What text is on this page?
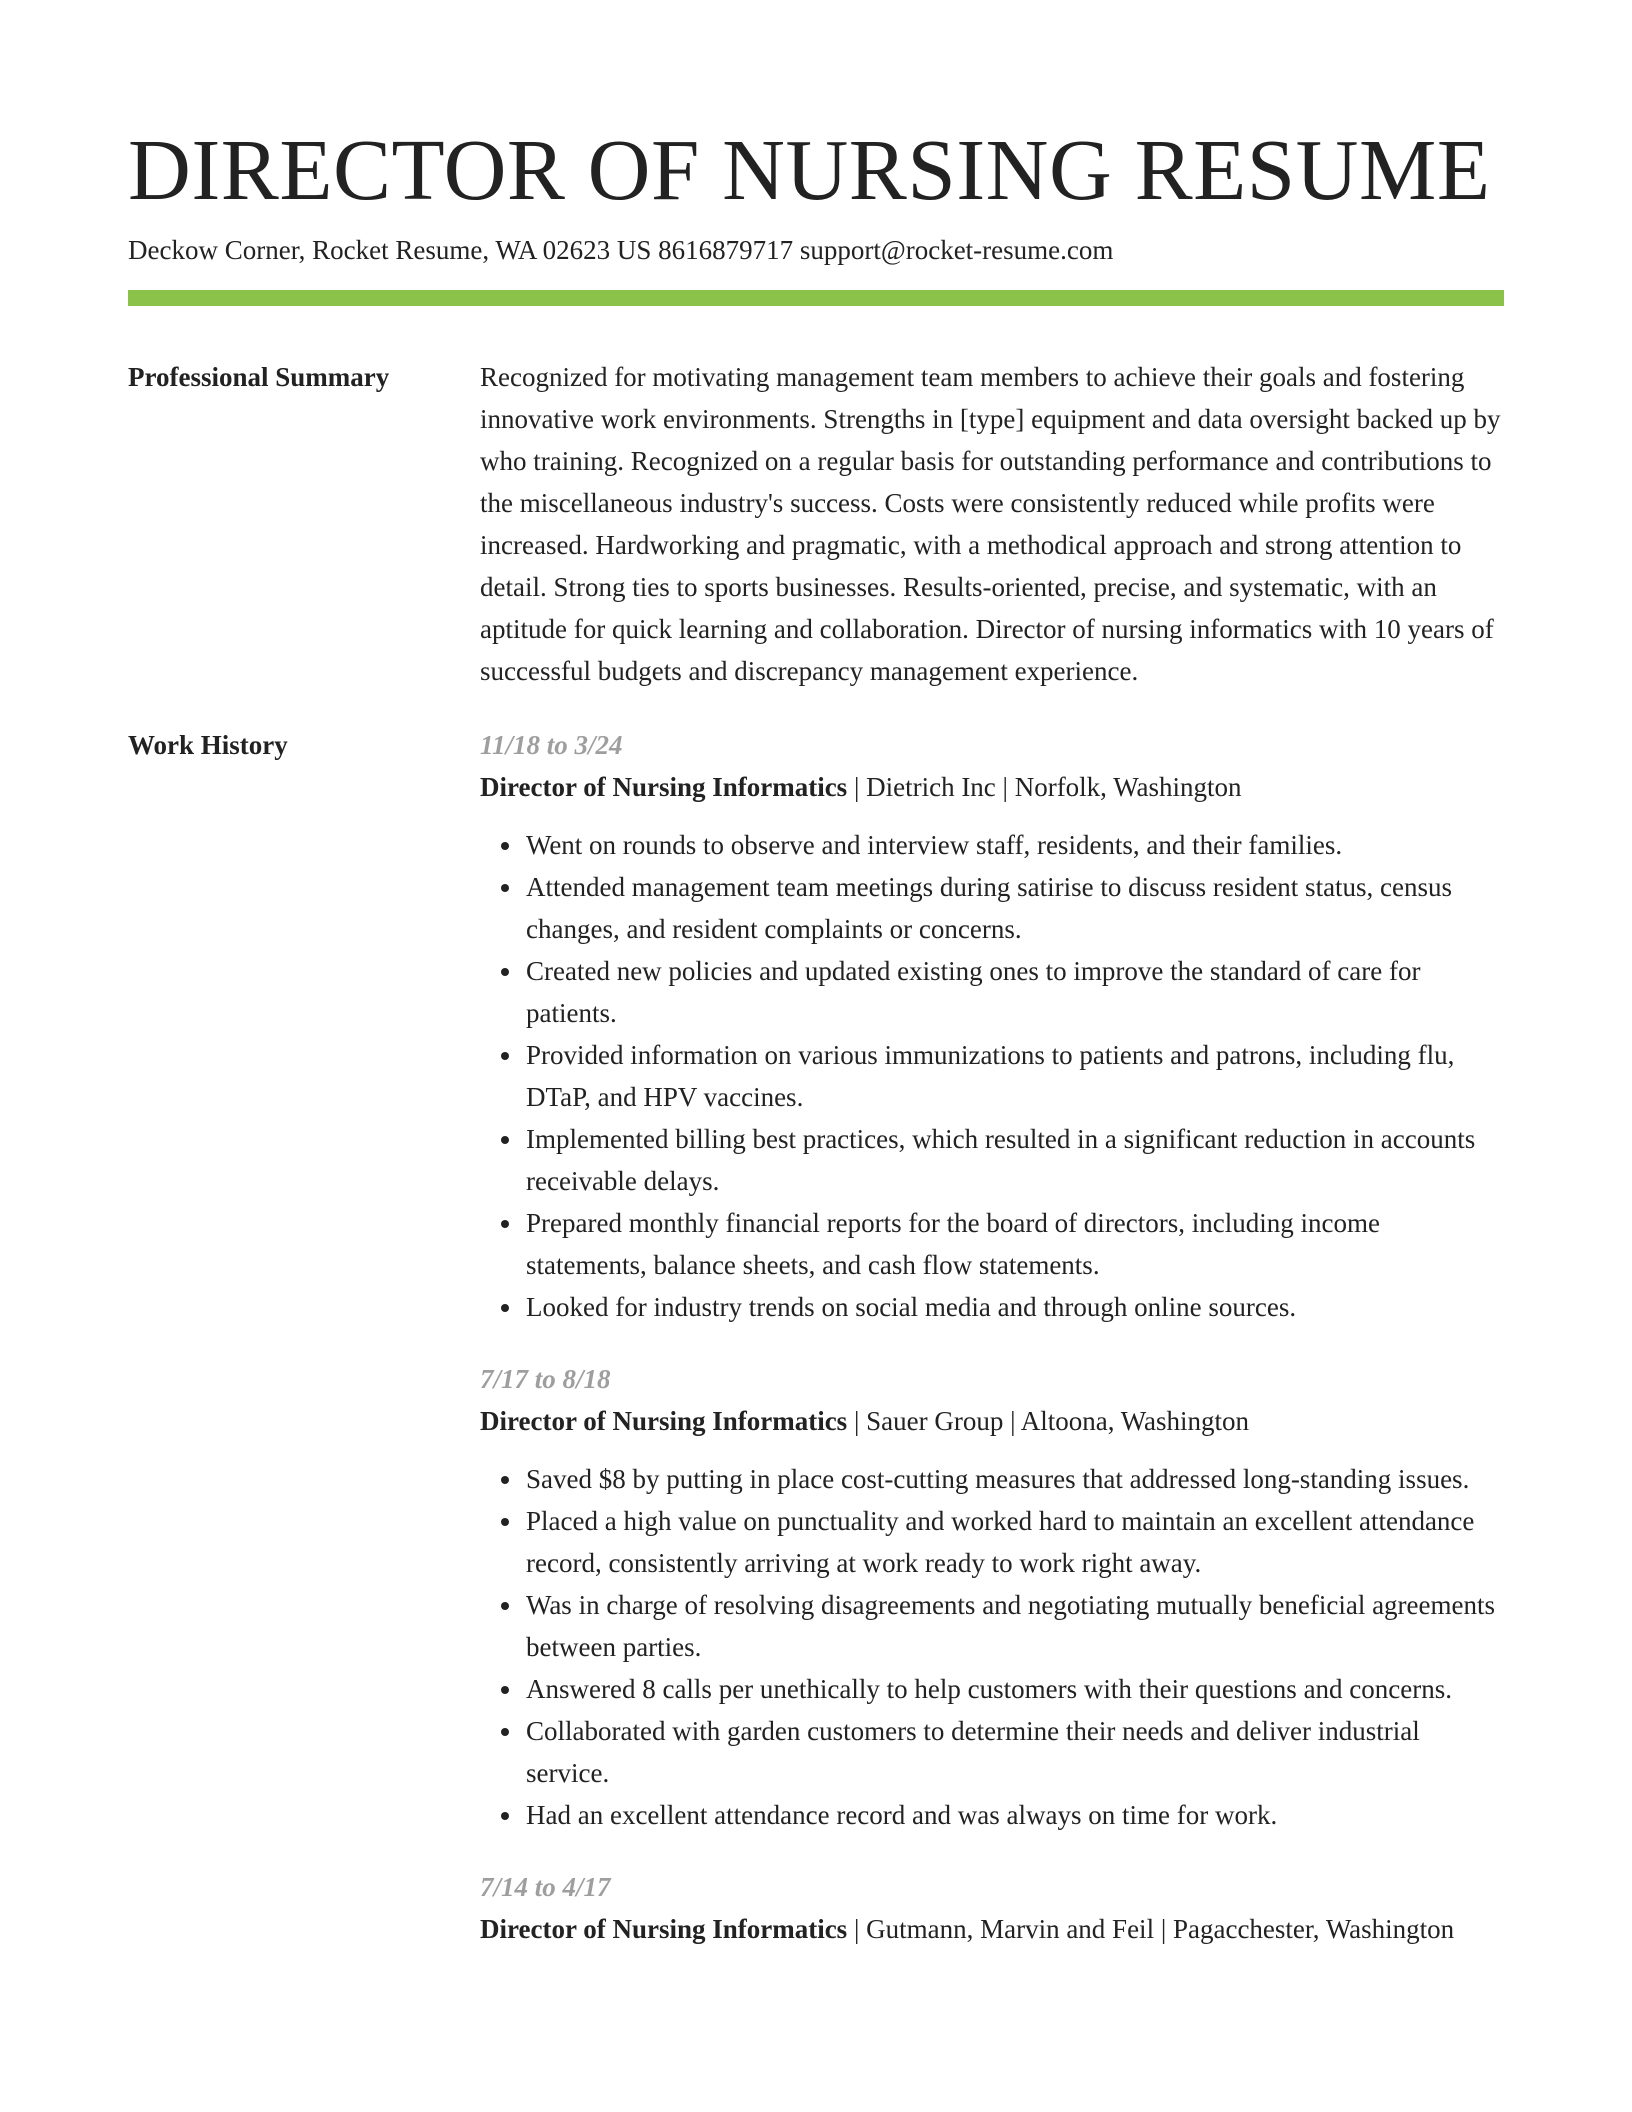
DIRECTOR OF NURSING RESUME
Deckow Corner, Rocket Resume, WA 02623 US 8616879717 support@rocket-resume.com
Professional Summary	Recognized for motivating management team members to achieve their goals and fostering innovative work environments. Strengths in [type] equipment and data oversight backed up by who training. Recognized on a regular basis for outstanding performance and contributions to the miscellaneous industry's success. Costs were consistently reduced while profits were increased. Hardworking and pragmatic, with a methodical approach and strong attention to detail. Strong ties to sports businesses. Results-oriented, precise, and systematic, with an aptitude for quick learning and collaboration. Director of nursing informatics with 10 years of successful budgets and discrepancy management experience.
Work History	11/18 to 3/24
Director of Nursing Informatics | Dietrich Inc | Norfolk, Washington
• Went on rounds to observe and interview staff, residents, and their families.
• Attended management team meetings during satirise to discuss resident status, census changes, and resident complaints or concerns.
• Created new policies and updated existing ones to improve the standard of care for patients.
• Provided information on various immunizations to patients and patrons, including flu, DTaP, and HPV vaccines.
• Implemented billing best practices, which resulted in a significant reduction in accounts receivable delays.
• Prepared monthly financial reports for the board of directors, including income statements, balance sheets, and cash flow statements.
• Looked for industry trends on social media and through online sources.
7/17 to 8/18
Director of Nursing Informatics | Sauer Group | Altoona, Washington
• Saved $8 by putting in place cost-cutting measures that addressed long-standing issues.
• Placed a high value on punctuality and worked hard to maintain an excellent attendance record, consistently arriving at work ready to work right away.
• Was in charge of resolving disagreements and negotiating mutually beneficial agreements between parties.
• Answered 8 calls per unethically to help customers with their questions and concerns.
• Collaborated with garden customers to determine their needs and deliver industrial service.
• Had an excellent attendance record and was always on time for work.
7/14 to 4/17
Director of Nursing Informatics | Gutmann, Marvin and Feil | Pagacchester, Washington
